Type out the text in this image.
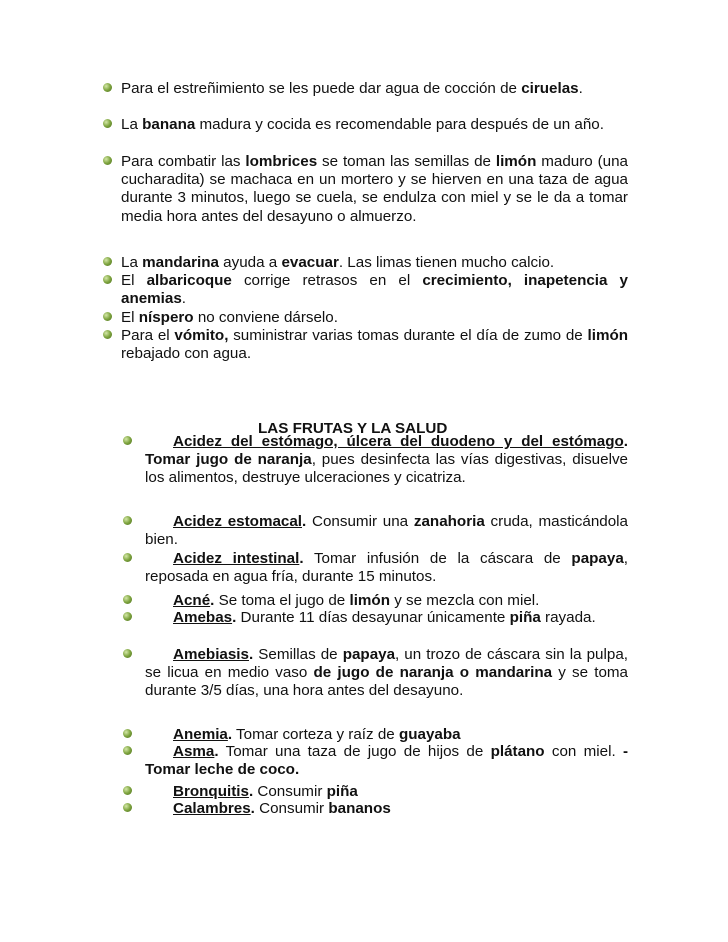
Para el estreñimiento se les puede dar agua de cocción de ciruelas.
La banana madura y cocida es recomendable para después de un año.
Para combatir las lombrices se toman las semillas de limón maduro (una cucharadita) se machaca en un mortero y se hierven en una taza de agua durante 3 minutos, luego se cuela, se endulza con miel y se le da a tomar media hora antes del desayuno o almuerzo.
La mandarina ayuda a evacuar. Las limas tienen mucho calcio.
El albaricoque corrige retrasos en el crecimiento, inapetencia y anemias.
El níspero no conviene dárselo.
Para el vómito, suministrar varias tomas durante el día de zumo de limón rebajado con agua.
LAS FRUTAS Y LA SALUD
Acidez del estómago, úlcera del duodeno y del estómago. Tomar jugo de naranja, pues desinfecta las vías digestivas, disuelve los alimentos, destruye ulceraciones y cicatriza.
Acidez estomacal. Consumir una zanahoria cruda, masticándola bien.
Acidez intestinal. Tomar infusión de la cáscara de papaya, reposada en agua fría, durante 15 minutos.
Acné. Se toma el jugo de limón y se mezcla con miel.
Amebas. Durante 11 días desayunar únicamente piña rayada.
Amebiasis. Semillas de papaya, un trozo de cáscara sin la pulpa, se licua en medio vaso de jugo de naranja o mandarina y se toma durante 3/5 días, una hora antes del desayuno.
Anemia. Tomar corteza y raíz de guayaba
Asma. Tomar una taza de jugo de hijos de plátano con miel. - Tomar leche de coco.
Bronquitis. Consumir piña
Calambres. Consumir bananos
